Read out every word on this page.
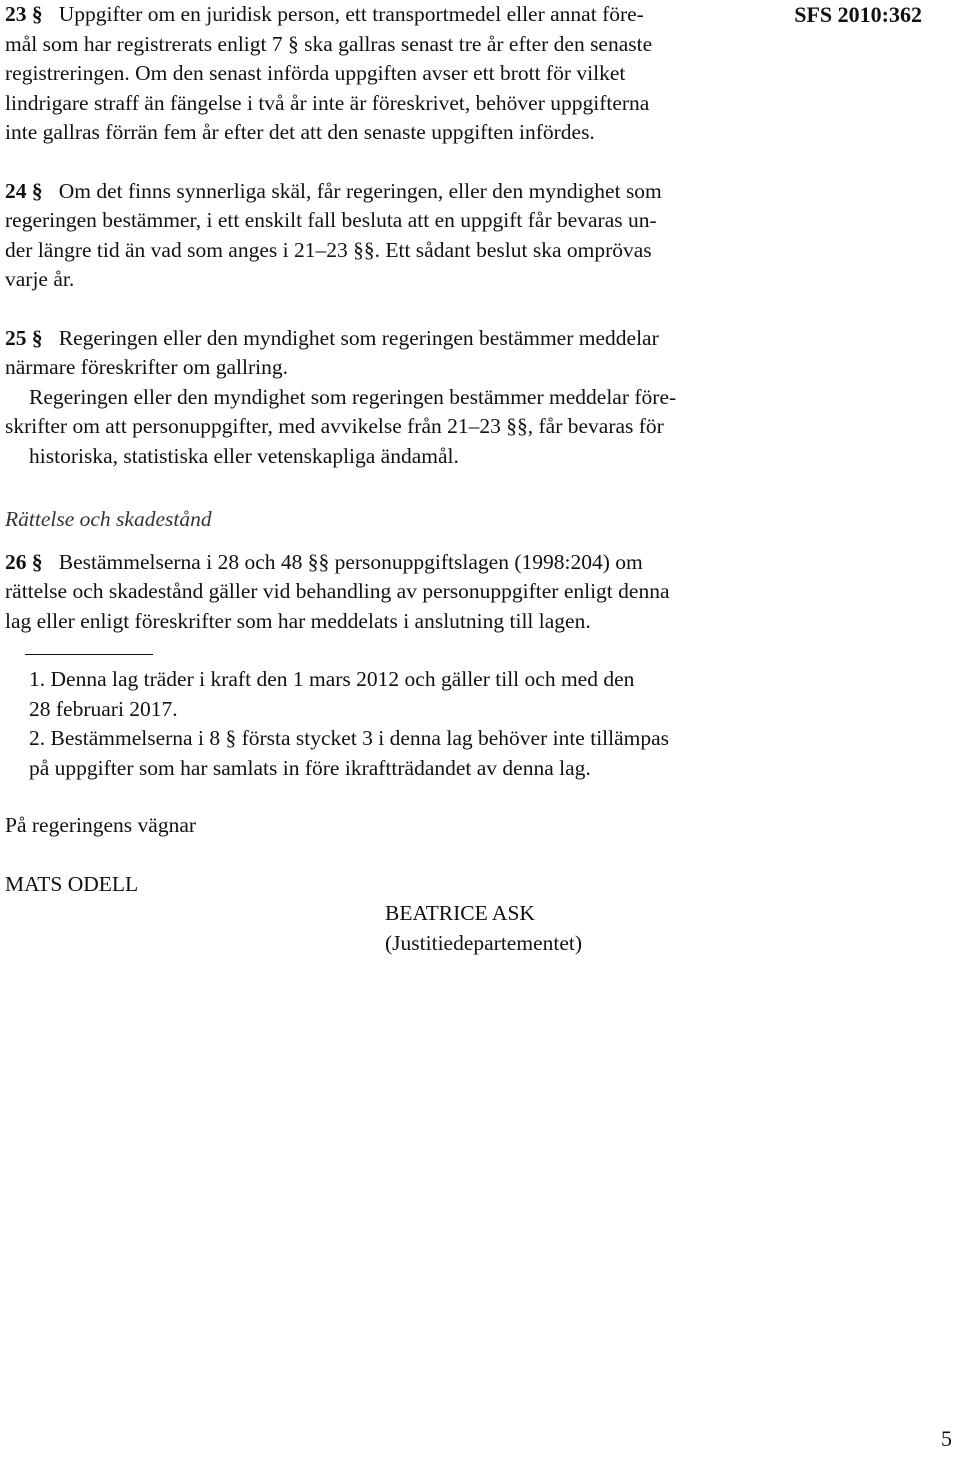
SFS 2010:362

23 § Uppgifter om en juridisk person, ett transportmedel eller annat före-
mål som har registrerats enligt 7 § ska gallras senast tre år efter den senaste
registreringen. Om den senast införda uppgiften avser ett brott för vilket
lindrigare straff än fängelse i två år inte är föreskrivet, behöver uppgifterna
inte gallras förrän fem år efter det att den senaste uppgiften infördes.

24 § Om det finns synnerliga skäl, får regeringen, eller den myndighet som
regeringen bestämmer, i ett enskilt fall besluta att en uppgift får bevaras un-
der längre tid än vad som anges i 21–23 §§. Ett sådant beslut ska omprövas
varje år.

25 § Regeringen eller den myndighet som regeringen bestämmer meddelar
närmare föreskrifter om gallring.

Regeringen eller den myndighet som regeringen bestämmer meddelar före-
skrifter om att personuppgifter, med avvikelse från 21–23 §§, får bevaras för
historiska, statistiska eller vetenskapliga ändamål.

Rättelse och skadestånd

26 § Bestämmelserna i 28 och 48 §§ personuppgiftslagen (1998:204) om
rättelse och skadestånd gäller vid behandling av personuppgifter enligt denna
lag eller enligt föreskrifter som har meddelats i anslutning till lagen.

1. Denna lag träder i kraft den 1 mars 2012 och gäller till och med den
28 februari 2017.

2. Bestämmelserna i 8 § första stycket 3 i denna lag behöver inte tillämpas
på uppgifter som har samlats in före ikraftträdandet av denna lag.

På regeringens vägnar
MATS ODELL
BEATRICE ASK
(Justitiedepartementet)
5
